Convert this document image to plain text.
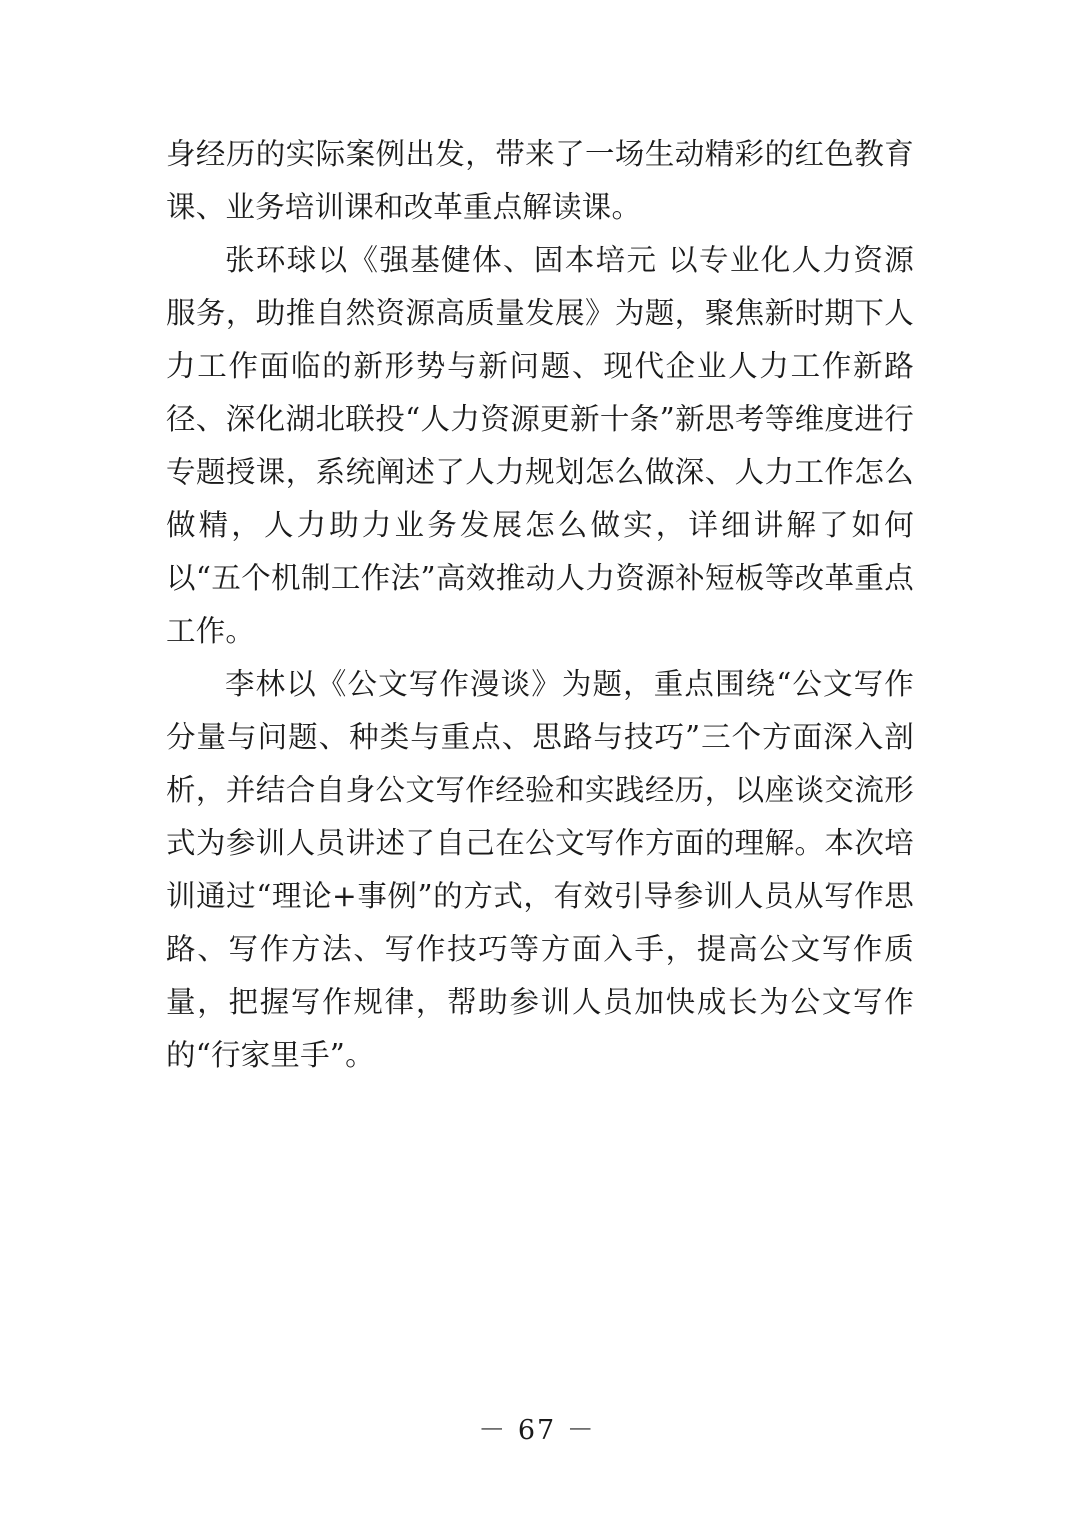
身经历的实际案例出发，带来了一场生动精彩的红色教育课、业务培训课和改革重点解读课。

张环球以《强基健体、固本培元 以专业化人力资源服务，助推自然资源高质量发展》为题，聚焦新时期下人力工作面临的新形势与新问题、现代企业人力工作新路径、深化湖北联投“人力资源更新十条”新思考等维度进行专题授课，系统阐述了人力规划怎么做深、人力工作怎么做精，人力助力业务发展怎么做实，详细讲解了如何以“五个机制工作法”高效推动人力资源补短板等改革重点工作。

李林以《公文写作漫谈》为题，重点围绕“公文写作分量与问题、种类与重点、思路与技巧”三个方面深入剖析，并结合自身公文写作经验和实践经历，以座谈交流形式为参训人员讲述了自己在公文写作方面的理解。本次培训通过“理论+事例”的方式，有效引导参训人员从写作思路、写作方法、写作技巧等方面入手，提高公文写作质量，把握写作规律，帮助参训人员加快成长为公文写作的“行家里手”。

－ 67 －
